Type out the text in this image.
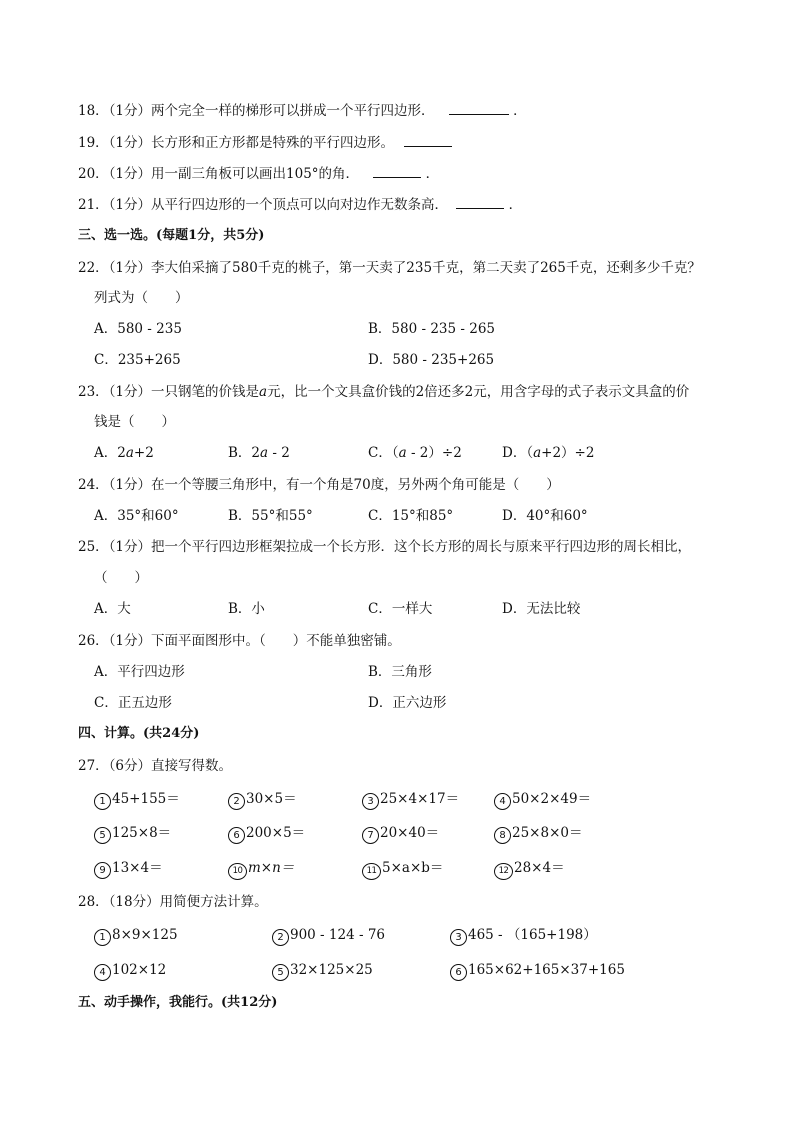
18．（1分）两个完全一样的梯形可以拼成一个平行四边形．	．
19．（1分）长方形和正方形都是特殊的平行四边形。
20．（1分）用一副三角板可以画出105°的角．	．
21．（1分）从平行四边形的一个顶点可以向对边作无数条高．	．
三、选一选。(每题1分，共5分)
22．（1分）李大伯采摘了580千克的桃子，第一天卖了235千克，第二天卖了265千克，还剩多少千克？
列式为（　　）
A．580 - 235	B．580 - 235 - 265
C．235+265	D．580 - 235+265
23．（1分）一只钢笔的价钱是a元，比一个文具盒价钱的2倍还多2元，用含字母的式子表示文具盒的价
钱是（　　）
A．2a+2	B．2a - 2	C．（a - 2）÷2	D．（a+2）÷2
24．（1分）在一个等腰三角形中，有一个角是70度，另外两个角可能是（　　）
A．35°和60°	B．55°和55°	C．15°和85°	D．40°和60°
25．（1分）把一个平行四边形框架拉成一个长方形．这个长方形的周长与原来平行四边形的周长相比，
（　　）
A．大	B．小	C．一样大	D．无法比较
26．（1分）下面平面图形中。（　　）不能单独密铺。
A．平行四边形	B．三角形
C．正五边形	D．正六边形
四、计算。(共24分)
27．（6分）直接写得数。
1 45+155＝	2 30×5＝	3 25×4×17＝	4 50×2×49＝
5 125×8＝	6 200×5＝	7 20×40＝	8 25×8×0＝
9 13×4＝	10 m×n＝	11 5×a×b＝	12 28×4＝
28．（18分）用简便方法计算。
1 8×9×125	2 900 - 124 - 76	3 465 - （165+198）
4 102×12	5 32×125×25	6 165×62+165×37+165
五、动手操作，我能行。(共12分)
